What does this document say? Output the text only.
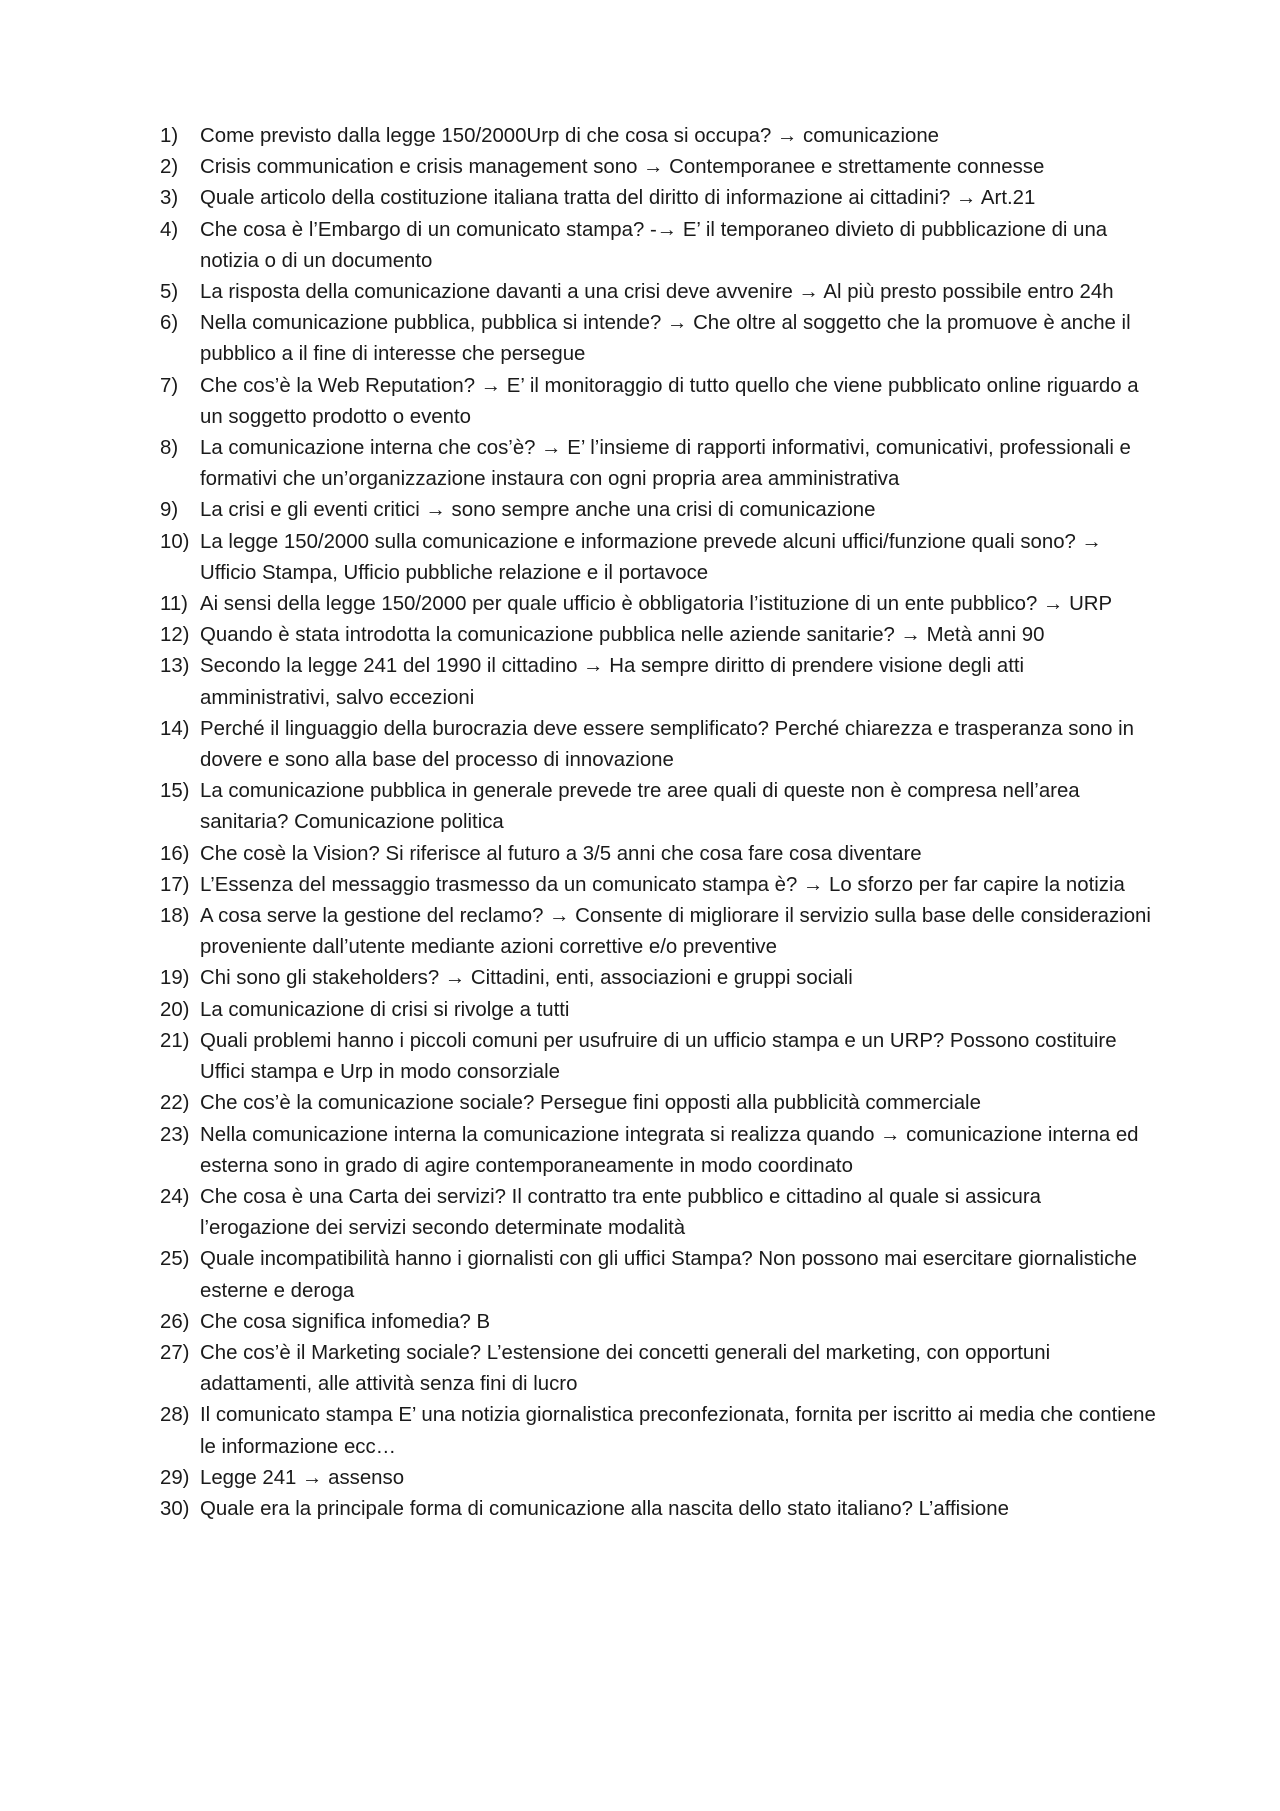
1)	Come previsto dalla legge 150/2000Urp di che cosa si occupa? → comunicazione
2)	Crisis communication e crisis management sono → Contemporanee e strettamente connesse
3)	Quale articolo della costituzione italiana tratta del diritto di informazione ai cittadini? → Art.21
4)	Che cosa è l’Embargo di un comunicato stampa? -→ E’ il temporaneo divieto di pubblicazione di una notizia o di un documento
5)	La risposta della comunicazione davanti a una crisi deve avvenire → Al più presto possibile entro 24h
6)	Nella comunicazione pubblica, pubblica si intende? → Che oltre al soggetto che la promuove è anche il pubblico a il fine di interesse che persegue
7)	Che cos’è la Web Reputation? → E’ il monitoraggio di tutto quello che viene pubblicato online riguardo a un soggetto prodotto o evento
8)	La comunicazione interna che cos’è? → E’ l’insieme di rapporti informativi, comunicativi, professionali e formativi che un’organizzazione instaura con ogni propria area amministrativa
9)	La crisi e gli eventi critici → sono sempre anche una crisi di comunicazione
10) La legge 150/2000 sulla comunicazione e informazione prevede alcuni uffici/funzione quali sono? → Ufficio Stampa, Ufficio pubbliche relazione e il portavoce
11) Ai sensi della legge 150/2000 per quale ufficio è obbligatoria l’istituzione di un ente pubblico? → URP
12) Quando è stata introdotta la comunicazione pubblica nelle aziende sanitarie? → Metà anni 90
13) Secondo la legge 241 del 1990 il cittadino → Ha sempre diritto di prendere visione degli atti amministrativi, salvo eccezioni
14) Perché il linguaggio della burocrazia deve essere semplificato? Perché chiarezza e trasperanza sono in dovere e sono alla base del processo di innovazione
15) La comunicazione pubblica in generale prevede tre aree quali di queste non è compresa nell’area sanitaria? Comunicazione politica
16) Che cosè la Vision? Si riferisce al futuro a 3/5 anni che cosa fare cosa diventare
17) L’Essenza del messaggio trasmesso da un comunicato stampa è? → Lo sforzo per far capire la notizia
18) A cosa serve la gestione del reclamo? → Consente di migliorare il servizio sulla base delle considerazioni proveniente dall’utente mediante azioni correttive e/o preventive
19) Chi sono gli stakeholders? → Cittadini, enti, associazioni e gruppi sociali
20) La comunicazione di crisi si rivolge a tutti
21) Quali problemi hanno i piccoli comuni per usufruire di un ufficio stampa e un URP? Possono costituire Uffici stampa e Urp in modo consorziale
22) Che cos’è la comunicazione sociale? Persegue fini opposti alla pubblicità commerciale
23) Nella comunicazione interna la comunicazione integrata si realizza quando → comunicazione interna ed esterna sono in grado di agire contemporaneamente in modo coordinato
24) Che cosa è una Carta dei servizi? Il contratto tra ente pubblico e cittadino al quale si assicura l’erogazione dei servizi secondo determinate modalità
25) Quale incompatibilità hanno i giornalisti con gli uffici Stampa? Non possono mai esercitare giornalistiche esterne e deroga
26) Che cosa significa infomedia? B
27) Che cos’è il Marketing sociale? L’estensione dei concetti generali del marketing, con opportuni adattamenti, alle attività senza fini di lucro
28) Il comunicato stampa E’ una notizia giornalistica preconfezionata, fornita per iscritto ai media che contiene le informazione ecc…
29) Legge 241 → assenso
30) Quale era la principale forma di comunicazione alla nascita dello stato italiano? L’affisione
